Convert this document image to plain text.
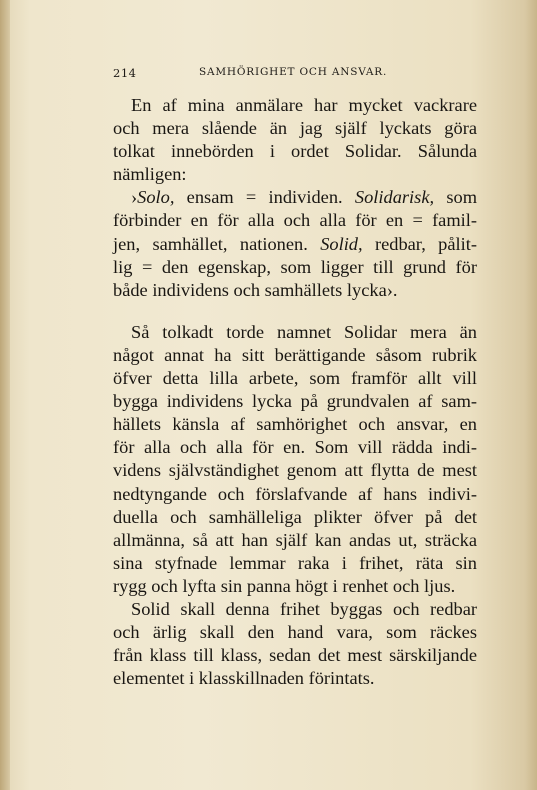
214	SAMHÖRIGHET OCH ANSVAR.
En af mina anmälare har mycket vackrare
och mera slående än jag själf lyckats göra
tolkat innebörden i ordet Solidar. Sålunda
nämligen:
›Solo, ensam = individen. Solidarisk, som
förbinder en för alla och alla för en = famil-
jen, samhället, nationen. Solid, redbar, pålit-
lig = den egenskap, som ligger till grund för
både individens och samhällets lycka›.
Så tolkadt torde namnet Solidar mera än
något annat ha sitt berättigande såsom rubrik
öfver detta lilla arbete, som framför allt vill
bygga individens lycka på grundvalen af sam-
hällets känsla af samhörighet och ansvar, en
för alla och alla för en. Som vill rädda indi-
videns självständighet genom att flytta de mest
nedtyngande och förslafvande af hans indivi-
duella och samhälleliga plikter öfver på det
allmänna, så att han själf kan andas ut, sträcka
sina styfnade lemmar raka i frihet, räta sin
rygg och lyfta sin panna högt i renhet och ljus.
Solid skall denna frihet byggas och redbar
och ärlig skall den hand vara, som räckes
från klass till klass, sedan det mest särskiljande
elementet i klasskillnaden förintats.
